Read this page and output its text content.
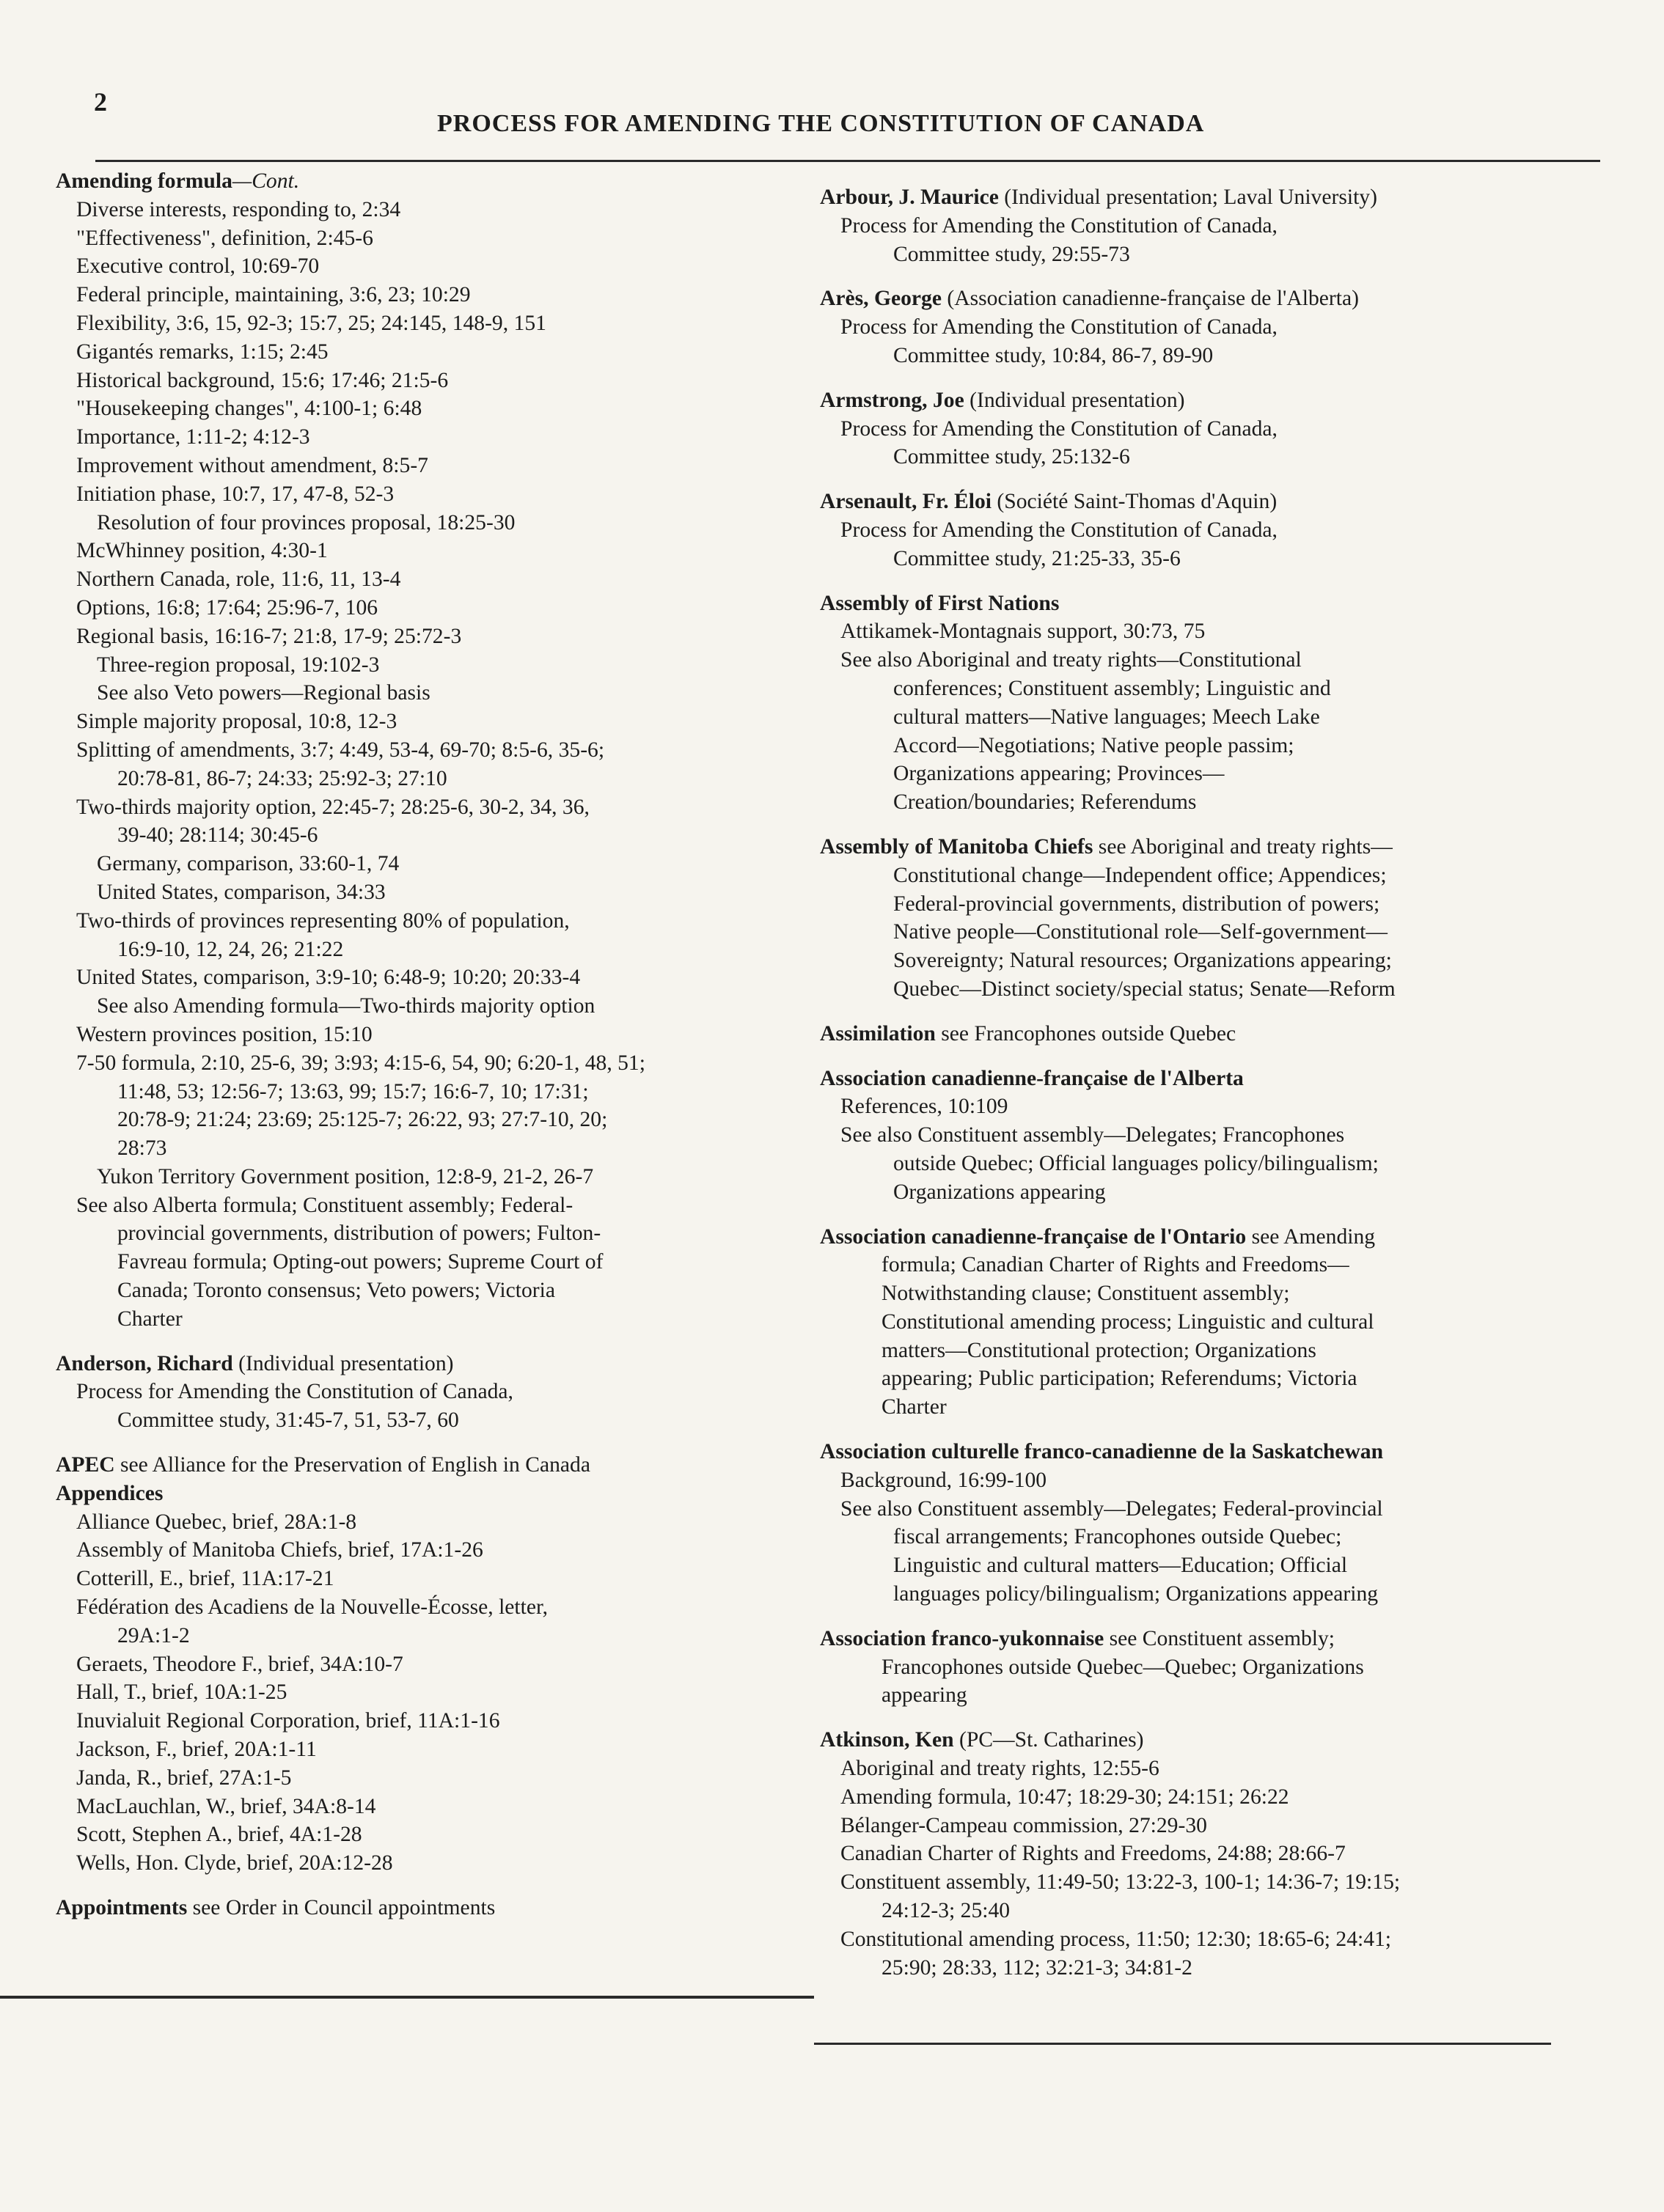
2
PROCESS FOR AMENDING THE CONSTITUTION OF CANADA
Amending formula—Cont.
Diverse interests, responding to, 2:34
"Effectiveness", definition, 2:45-6
Executive control, 10:69-70
Federal principle, maintaining, 3:6, 23; 10:29
Flexibility, 3:6, 15, 92-3; 15:7, 25; 24:145, 148-9, 151
Gigantés remarks, 1:15; 2:45
Historical background, 15:6; 17:46; 21:5-6
"Housekeeping changes", 4:100-1; 6:48
Importance, 1:11-2; 4:12-3
Improvement without amendment, 8:5-7
Initiation phase, 10:7, 17, 47-8, 52-3
Resolution of four provinces proposal, 18:25-30
McWhinney position, 4:30-1
Northern Canada, role, 11:6, 11, 13-4
Options, 16:8; 17:64; 25:96-7, 106
Regional basis, 16:16-7; 21:8, 17-9; 25:72-3
Three-region proposal, 19:102-3
See also Veto powers—Regional basis
Simple majority proposal, 10:8, 12-3
Splitting of amendments, 3:7; 4:49, 53-4, 69-70; 8:5-6, 35-6;
20:78-81, 86-7; 24:33; 25:92-3; 27:10
Two-thirds majority option, 22:45-7; 28:25-6, 30-2, 34, 36,
39-40; 28:114; 30:45-6
Germany, comparison, 33:60-1, 74
United States, comparison, 34:33
Two-thirds of provinces representing 80% of population,
16:9-10, 12, 24, 26; 21:22
United States, comparison, 3:9-10; 6:48-9; 10:20; 20:33-4
See also Amending formula—Two-thirds majority option
Western provinces position, 15:10
7-50 formula, 2:10, 25-6, 39; 3:93; 4:15-6, 54, 90; 6:20-1, 48, 51;
11:48, 53; 12:56-7; 13:63, 99; 15:7; 16:6-7, 10; 17:31;
20:78-9; 21:24; 23:69; 25:125-7; 26:22, 93; 27:7-10, 20;
28:73
Yukon Territory Government position, 12:8-9, 21-2, 26-7
See also Alberta formula; Constituent assembly; Federal-
provincial governments, distribution of powers; Fulton-
Favreau formula; Opting-out powers; Supreme Court of
Canada; Toronto consensus; Veto powers; Victoria
Charter
Anderson, Richard (Individual presentation)
Process for Amending the Constitution of Canada,
Committee study, 31:45-7, 51, 53-7, 60
APEC see Alliance for the Preservation of English in Canada
Appendices
Alliance Quebec, brief, 28A:1-8
Assembly of Manitoba Chiefs, brief, 17A:1-26
Cotterill, E., brief, 11A:17-21
Fédération des Acadiens de la Nouvelle-Écosse, letter,
29A:1-2
Geraets, Theodore F., brief, 34A:10-7
Hall, T., brief, 10A:1-25
Inuvialuit Regional Corporation, brief, 11A:1-16
Jackson, F., brief, 20A:1-11
Janda, R., brief, 27A:1-5
MacLauchlan, W., brief, 34A:8-14
Scott, Stephen A., brief, 4A:1-28
Wells, Hon. Clyde, brief, 20A:12-28
Appointments see Order in Council appointments
Arbour, J. Maurice (Individual presentation; Laval University)
Process for Amending the Constitution of Canada,
Committee study, 29:55-73
Arès, George (Association canadienne-française de l'Alberta)
Process for Amending the Constitution of Canada,
Committee study, 10:84, 86-7, 89-90
Armstrong, Joe (Individual presentation)
Process for Amending the Constitution of Canada,
Committee study, 25:132-6
Arsenault, Fr. Éloi (Société Saint-Thomas d'Aquin)
Process for Amending the Constitution of Canada,
Committee study, 21:25-33, 35-6
Assembly of First Nations
Attikamek-Montagnais support, 30:73, 75
See also Aboriginal and treaty rights—Constitutional
conferences; Constituent assembly; Linguistic and
cultural matters—Native languages; Meech Lake
Accord—Negotiations; Native people passim;
Organizations appearing; Provinces—
Creation/boundaries; Referendums
Assembly of Manitoba Chiefs see Aboriginal and treaty rights—
Constitutional change—Independent office; Appendices;
Federal-provincial governments, distribution of powers;
Native people—Constitutional role—Self-government—
Sovereignty; Natural resources; Organizations appearing;
Quebec—Distinct society/special status; Senate—Reform
Assimilation see Francophones outside Quebec
Association canadienne-française de l'Alberta
References, 10:109
See also Constituent assembly—Delegates; Francophones
outside Quebec; Official languages policy/bilingualism;
Organizations appearing
Association canadienne-française de l'Ontario see Amending
formula; Canadian Charter of Rights and Freedoms—
Notwithstanding clause; Constituent assembly;
Constitutional amending process; Linguistic and cultural
matters—Constitutional protection; Organizations
appearing; Public participation; Referendums; Victoria
Charter
Association culturelle franco-canadienne de la Saskatchewan
Background, 16:99-100
See also Constituent assembly—Delegates; Federal-provincial
fiscal arrangements; Francophones outside Quebec;
Linguistic and cultural matters—Education; Official
languages policy/bilingualism; Organizations appearing
Association franco-yukonnaise see Constituent assembly;
Francophones outside Quebec—Quebec; Organizations
appearing
Atkinson, Ken (PC—St. Catharines)
Aboriginal and treaty rights, 12:55-6
Amending formula, 10:47; 18:29-30; 24:151; 26:22
Bélanger-Campeau commission, 27:29-30
Canadian Charter of Rights and Freedoms, 24:88; 28:66-7
Constituent assembly, 11:49-50; 13:22-3, 100-1; 14:36-7; 19:15;
24:12-3; 25:40
Constitutional amending process, 11:50; 12:30; 18:65-6; 24:41;
25:90; 28:33, 112; 32:21-3; 34:81-2
